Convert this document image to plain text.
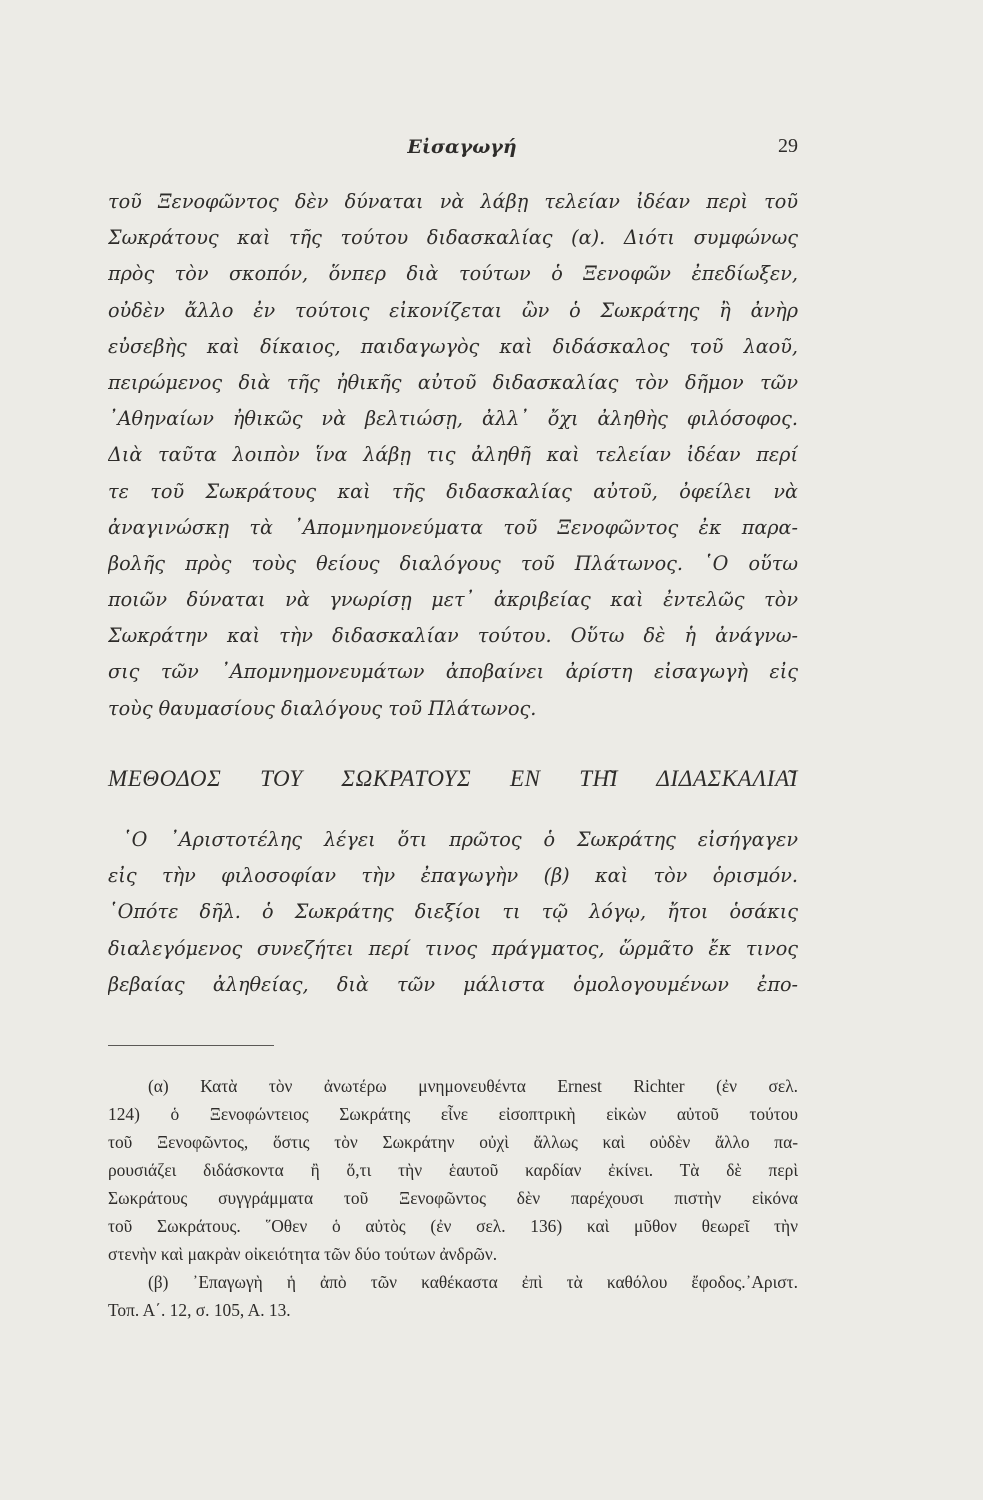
Εἰσαγωγή	29
τοῦ Ξενοφῶντος δὲν δύναται νὰ λάβῃ τελείαν ἰδέαν περὶ τοῦ
Σωκράτους καὶ τῆς τούτου διδασκαλίας (α). Διότι συμφώνως
πρὸς τὸν σκοπόν, ὅνπερ διὰ τούτων ὁ Ξενοφῶν ἐπεδίωξεν,
οὐδὲν ἄλλο ἐν τούτοις εἰκονίζεται ὢν ὁ Σωκράτης ἢ ἀνὴρ
εὐσεβὴς καὶ δίκαιος, παιδαγωγὸς καὶ διδάσκαλος τοῦ λαοῦ,
πειρώμενος διὰ τῆς ἠθικῆς αὐτοῦ διδασκαλίας τὸν δῆμον τῶν
᾿Αθηναίων ἠθικῶς νὰ βελτιώσῃ, ἀλλ᾿ ὄχι ἀληθὴς φιλόσοφος.
Διὰ ταῦτα λοιπὸν ἵνα λάβῃ τις ἀληθῆ καὶ τελείαν ἰδέαν περί
τε τοῦ Σωκράτους καὶ τῆς διδασκαλίας αὐτοῦ, ὀφείλει νὰ
ἀναγινώσκῃ τὰ ᾿Απομνημονεύματα τοῦ Ξενοφῶντος ἐκ παρα-
βολῆς πρὸς τοὺς θείους διαλόγους τοῦ Πλάτωνος. ῾Ο οὕτω
ποιῶν δύναται νὰ γνωρίσῃ μετ᾿ ἀκριβείας καὶ ἐντελῶς τὸν
Σωκράτην καὶ τὴν διδασκαλίαν τούτου. Οὕτω δὲ ἡ ἀνάγνω-
σις τῶν ᾿Απομνημονευμάτων ἀποβαίνει ἀρίστη εἰσαγωγὴ εἰς
τοὺς θαυμασίους διαλόγους τοῦ Πλάτωνος.
ΜΕΘΟΔΟΣ ΤΟΥ ΣΩΚΡΑΤΟΥΣ ΕΝ ΤΗ͂Ι ΔΙΔΑΣΚΑΛΙΑ͂Ι
῾Ο ᾿Αριστοτέλης λέγει ὅτι πρῶτος ὁ Σωκράτης εἰσήγαγεν
εἰς τὴν φιλοσοφίαν τὴν ἐπαγωγὴν (β) καὶ τὸν ὁρισμόν.
῾Οπότε δῆλ. ὁ Σωκράτης διεξίοι τι τῷ λόγῳ, ἤτοι ὁσάκις
διαλεγόμενος συνεζήτει περί τινος πράγματος, ὥρμᾶτο ἔκ τινος
βεβαίας ἀληθείας, διὰ τῶν μάλιστα ὁμολογουμένων ἐπο-
(α) Κατὰ τὸν ἀνωτέρω μνημονευθέντα Ernest Richter (ἐν σελ.
124) ὁ Ξενοφώντειος Σωκράτης εἶνε εἰσοπτρικὴ εἰκὼν αὐτοῦ τούτου
τοῦ Ξενοφῶντος, ὅστις τὸν Σωκράτην οὐχὶ ἄλλως καὶ οὐδὲν ἄλλο πα-
ρουσιάζει διδάσκοντα ἢ ὅ,τι τὴν ἑαυτοῦ καρδίαν ἐκίνει. Τὰ δὲ περὶ
Σωκράτους συγγράμματα τοῦ Ξενοφῶντος δὲν παρέχουσι πιστὴν εἰκόνα
τοῦ Σωκράτους. ῞Οθεν ὁ αὐτὸς (ἐν σελ. 136) καὶ μῦθον θεωρεῖ τὴν
στενὴν καὶ μακρὰν οἰκειότητα τῶν δύο τούτων ἀνδρῶν.
(β) ᾿Επαγωγὴ ἡ ἀπὸ τῶν καθέκαστα ἐπὶ τὰ καθόλου ἔφοδος.᾿Αριστ.
Τοπ. Α΄. 12, σ. 105, Α. 13.
